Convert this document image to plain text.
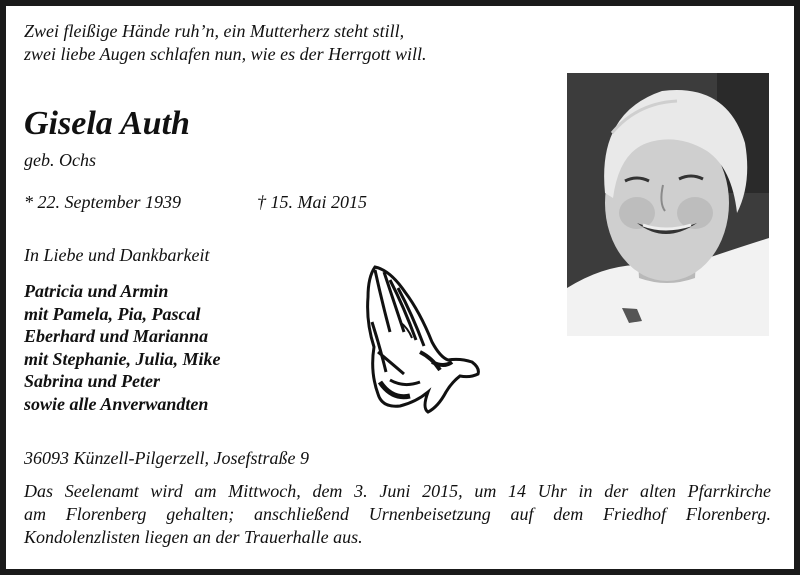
Zwei fleißige Hände ruh’n, ein Mutterherz steht still,
zwei liebe Augen schlafen nun, wie es der Herrgott will.
Gisela Auth
geb. Ochs
* 22. September 1939	† 15. Mai 2015
In Liebe und Dankbarkeit
Patricia und Armin
mit Pamela, Pia, Pascal
Eberhard und Marianna
mit Stephanie, Julia, Mike
Sabrina und Peter
sowie alle Anverwandten
36093 Künzell-Pilgerzell, Josefstraße 9
Das Seelenamt wird am Mittwoch, dem 3. Juni 2015, um 14 Uhr in der alten Pfarrkirche
am Florenberg gehalten; anschließend Urnenbeisetzung auf dem Friedhof Florenberg.
Kondolenzlisten liegen an der Trauerhalle aus.
